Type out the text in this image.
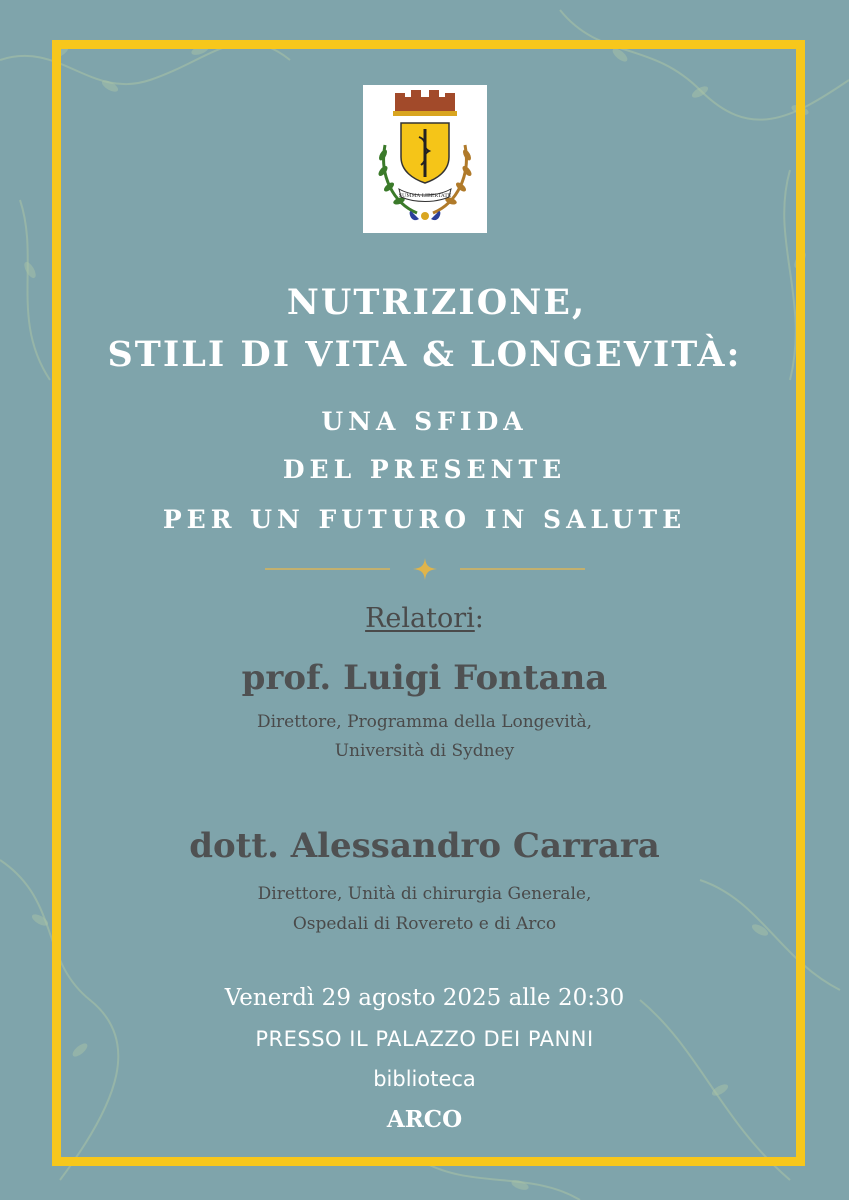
SUMMA LIBERTATE
NUTRIZIONE,
STILI DI VITA & LONGEVITÀ:
UNA SFIDA
DEL PRESENTE
PER UN FUTURO IN SALUTE
Relatori:
prof. Luigi Fontana
Direttore, Programma della Longevità,
Università di Sydney
dott. Alessandro Carrara
Direttore, Unità di chirurgia Generale,
Ospedali di Rovereto e di Arco
Venerdì 29 agosto 2025 alle 20:30
PRESSO IL PALAZZO DEI PANNI
biblioteca
ARCO
